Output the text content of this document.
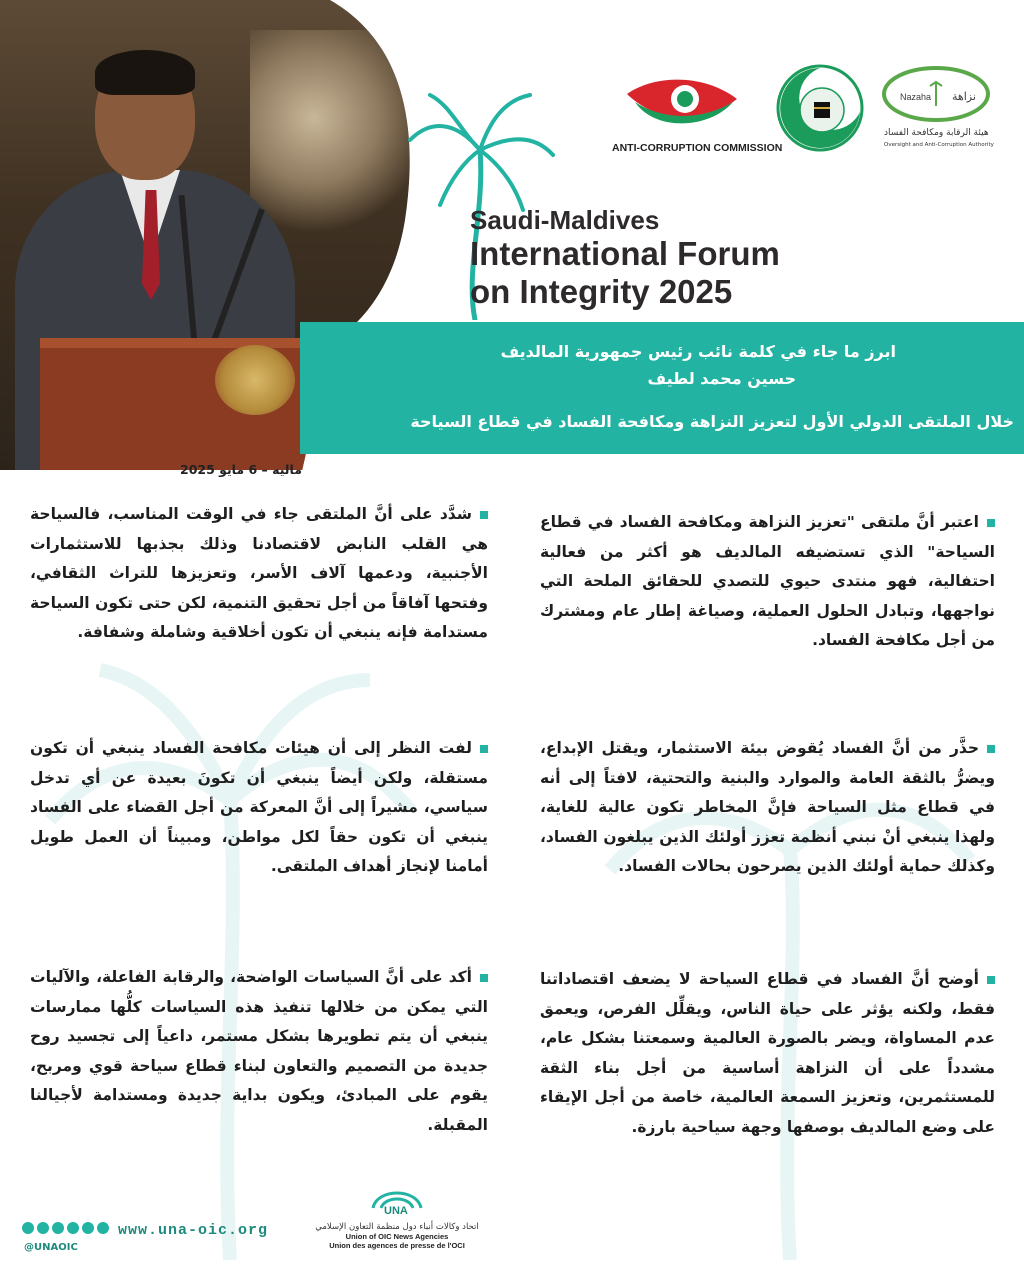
ANTI-CORRUPTION COMMISSION
Nazaha نزاهة
هيئة الرقابة ومكافحة الفساد
Oversight and Anti-Corruption Authority
Saudi-Maldives
International Forum
on Integrity 2025
ابرز ما جاء في كلمة نائب رئيس جمهورية المالديف
حسين محمد لطيف
خلال الملتقى الدولي الأول لتعزيز النزاهة ومكافحة الفساد في قطاع السياحة
ماليه – 6 مايو 2025
اعتبر أنَّ ملتقى "تعزيز النزاهة ومكافحة الفساد في قطاع السياحة" الذي تستضيفه المالديف هو أكثر من فعالية احتفالية، فهو منتدى حيوي للتصدي للحقائق الملحة التي نواجهها، وتبادل الحلول العملية، وصياغة إطار عام ومشترك من أجل مكافحة الفساد.
حذَّر من أنَّ الفساد يُقوض بيئة الاستثمار، ويقتل الإبداع، ويضرُّ بالثقة العامة والموارد والبنية والتحتية، لافتاً إلى أنه في قطاع مثل السياحة فإنَّ المخاطر تكون عالية للغاية، ولهذا ينبغي أنْ نبني أنظمة تعزز أولئك الذين يبلغون الفساد، وكذلك حماية أولئك الذين يصرحون بحالات الفساد.
أوضح أنَّ الفساد في قطاع السياحة لا يضعف اقتصاداتنا فقط، ولكنه يؤثر على حياة الناس، ويقلِّل الفرص، ويعمق عدم المساواة، ويضر بالصورة العالمية وسمعتنا بشكل عام، مشدداً على أن النزاهة أساسية من أجل بناء الثقة للمستثمرين، وتعزيز السمعة العالمية، خاصة من أجل الإيقاء على وضع المالديف بوصفها وجهة سياحية بارزة.
شدَّد على أنَّ الملتقى جاء في الوقت المناسب، فالسياحة هي القلب النابض لاقتصادنا وذلك بجذبها للاستثمارات الأجنبية، ودعمها آلاف الأسر، وتعزيزها للتراث الثقافي، وفتحها آفاقاً من أجل تحقيق التنمية، لكن حتى تكون السياحة مستدامة فإنه ينبغي أن تكون أخلاقية وشاملة وشفافة.
لفت النظر إلى أن هيئات مكافحة الفساد ينبغي أن تكون مستقلة، ولكن أيضاً ينبغي أن تكونَ بعيدة عن أي تدخل سياسي، مشيراً إلى أنَّ المعركة من أجل القضاء على الفساد ينبغي أن تكون حقاً لكل مواطن، ومبيناً أن العمل طويل أمامنا لإنجاز أهداف الملتقى.
أكد على أنَّ السياسات الواضحة، والرقابة الفاعلة، والآليات التي يمكن من خلالها تنفيذ هذه السياسات كلُّها ممارسات ينبغي أن يتم تطويرها بشكل مستمر، داعياً إلى تجسيد روح جديدة من التصميم والتعاون لبناء قطاع سياحة قوي ومربح، يقوم على المبادئ، ويكون بداية جديدة ومستدامة لأجيالنا المقبلة.
@UNAOIC
www.una-oic.org
UNA
اتحاد وكالات أنباء دول منظمة التعاون الإسلامي
Union of OIC News Agencies
Union des agences de presse de l'OCI
